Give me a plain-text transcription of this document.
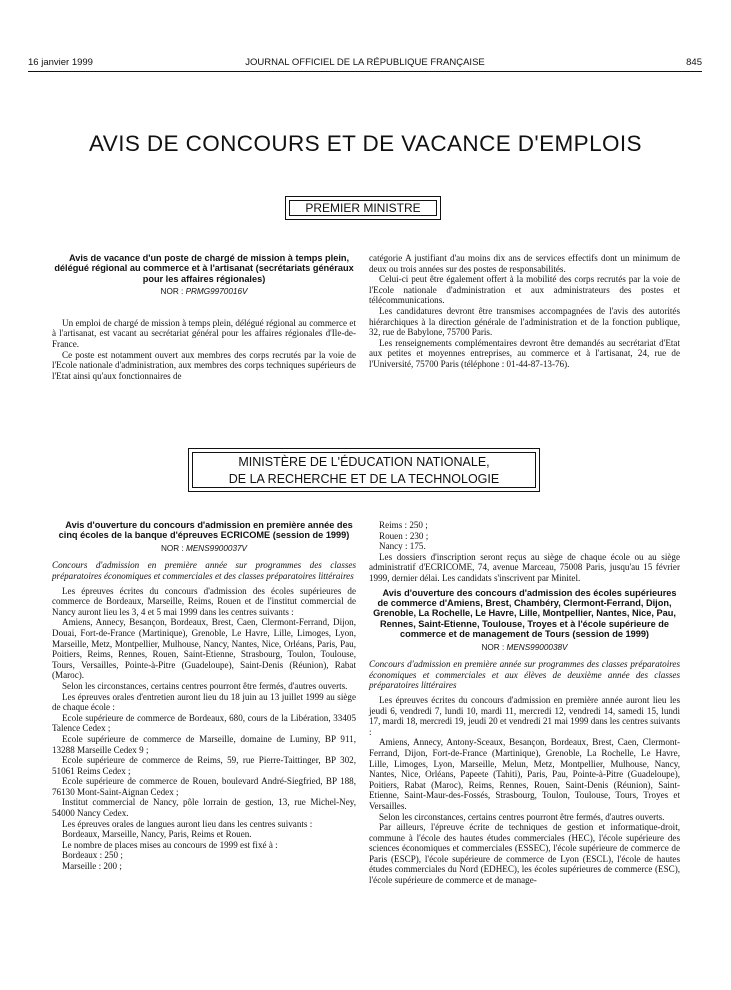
16 janvier 1999	JOURNAL OFFICIEL DE LA RÉPUBLIQUE FRANÇAISE	845
AVIS DE CONCOURS ET DE VACANCE D'EMPLOIS
PREMIER MINISTRE

Avis de vacance d'un poste de chargé de mission à temps plein, délégué régional au commerce et à l'artisanat (secrétariats généraux pour les affaires régionales)

NOR : PRMG9970016V

Un emploi de chargé de mission à temps plein, délégué régional au commerce et à l'artisanat, est vacant au secrétariat général pour les affaires régionales d'Ile-de-France.

Ce poste est notamment ouvert aux membres des corps recrutés par la voie de l'Ecole nationale d'administration, aux membres des corps techniques supérieurs de l'Etat ainsi qu'aux fonctionnaires de

catégorie A justifiant d'au moins dix ans de services effectifs dont un minimum de deux ou trois années sur des postes de responsabilités.

Celui-ci peut être également offert à la mobilité des corps recrutés par la voie de l'Ecole nationale d'administration et aux administrateurs des postes et télécommunications.

Les candidatures devront être transmises accompagnées de l'avis des autorités hiérarchiques à la direction générale de l'administration et de la fonction publique, 32, rue de Babylone, 75700 Paris.

Les renseignements complémentaires devront être demandés au secrétariat d'Etat aux petites et moyennes entreprises, au commerce et à l'artisanat, 24, rue de l'Université, 75700 Paris (téléphone : 01-44-87-13-76).

MINISTÈRE DE L'ÉDUCATION NATIONALE,
DE LA RECHERCHE ET DE LA TECHNOLOGIE

Avis d'ouverture du concours d'admission en première année des cinq écoles de la banque d'épreuves ECRICOME (session de 1999)

NOR : MENS9900037V

Concours d'admission en première année sur programmes des classes préparatoires économiques et commerciales et des classes préparatoires littéraires

Les épreuves écrites du concours d'admission des écoles supérieures de commerce de Bordeaux, Marseille, Reims, Rouen et de l'institut commercial de Nancy auront lieu les 3, 4 et 5 mai 1999 dans les centres suivants :

Amiens, Annecy, Besançon, Bordeaux, Brest, Caen, Clermont-Ferrand, Dijon, Douai, Fort-de-France (Martinique), Grenoble, Le Havre, Lille, Limoges, Lyon, Marseille, Metz, Montpellier, Mulhouse, Nancy, Nantes, Nice, Orléans, Paris, Pau, Poitiers, Reims, Rennes, Rouen, Saint-Etienne, Strasbourg, Toulon, Toulouse, Tours, Versailles, Pointe-à-Pitre (Guadeloupe), Saint-Denis (Réunion), Rabat (Maroc).

Selon les circonstances, certains centres pourront être fermés, d'autres ouverts.

Les épreuves orales d'entretien auront lieu du 18 juin au 13 juillet 1999 au siège de chaque école :

Ecole supérieure de commerce de Bordeaux, 680, cours de la Libération, 33405 Talence Cedex ;

Ecole supérieure de commerce de Marseille, domaine de Luminy, BP 911, 13288 Marseille Cedex 9 ;

Ecole supérieure de commerce de Reims, 59, rue Pierre-Taittinger, BP 302, 51061 Reims Cedex ;

Ecole supérieure de commerce de Rouen, boulevard André-Siegfried, BP 188, 76130 Mont-Saint-Aignan Cedex ;

Institut commercial de Nancy, pôle lorrain de gestion, 13, rue Michel-Ney, 54000 Nancy Cedex.

Les épreuves orales de langues auront lieu dans les centres suivants :

Bordeaux, Marseille, Nancy, Paris, Reims et Rouen.

Le nombre de places mises au concours de 1999 est fixé à :

Bordeaux : 250 ;

Marseille : 200 ;

Reims : 250 ;

Rouen : 230 ;

Nancy : 175.

Les dossiers d'inscription seront reçus au siège de chaque école ou au siège administratif d'ECRICOME, 74, avenue Marceau, 75008 Paris, jusqu'au 15 février 1999, dernier délai. Les candidats s'inscrivent par Minitel.

Avis d'ouverture des concours d'admission des écoles supérieures de commerce d'Amiens, Brest, Chambéry, Clermont-Ferrand, Dijon, Grenoble, La Rochelle, Le Havre, Lille, Montpellier, Nantes, Nice, Pau, Rennes, Saint-Etienne, Toulouse, Troyes et à l'école supérieure de commerce et de management de Tours (session de 1999)

NOR : MENS9900038V

Concours d'admission en première année sur programmes des classes préparatoires économiques et commerciales et aux élèves de deuxième année des classes préparatoires littéraires

Les épreuves écrites du concours d'admission en première année auront lieu les jeudi 6, vendredi 7, lundi 10, mardi 11, mercredi 12, vendredi 14, samedi 15, lundi 17, mardi 18, mercredi 19, jeudi 20 et vendredi 21 mai 1999 dans les centres suivants :

Amiens, Annecy, Antony-Sceaux, Besançon, Bordeaux, Brest, Caen, Clermont-Ferrand, Dijon, Fort-de-France (Martinique), Grenoble, La Rochelle, Le Havre, Lille, Limoges, Lyon, Marseille, Melun, Metz, Montpellier, Mulhouse, Nancy, Nantes, Nice, Orléans, Papeete (Tahiti), Paris, Pau, Pointe-à-Pitre (Guadeloupe), Poitiers, Rabat (Maroc), Reims, Rennes, Rouen, Saint-Denis (Réunion), Saint-Etienne, Saint-Maur-des-Fossés, Strasbourg, Toulon, Toulouse, Tours, Troyes et Versailles.

Selon les circonstances, certains centres pourront être fermés, d'autres ouverts.

Par ailleurs, l'épreuve écrite de techniques de gestion et informatique-droit, commune à l'école des hautes études commerciales (HEC), l'école supérieure des sciences économiques et commerciales (ESSEC), l'école supérieure de commerce de Paris (ESCP), l'école supérieure de commerce de Lyon (ESCL), l'école de hautes études commerciales du Nord (EDHEC), les écoles supérieures de commerce (ESC), l'école supérieure de commerce et de manage-
